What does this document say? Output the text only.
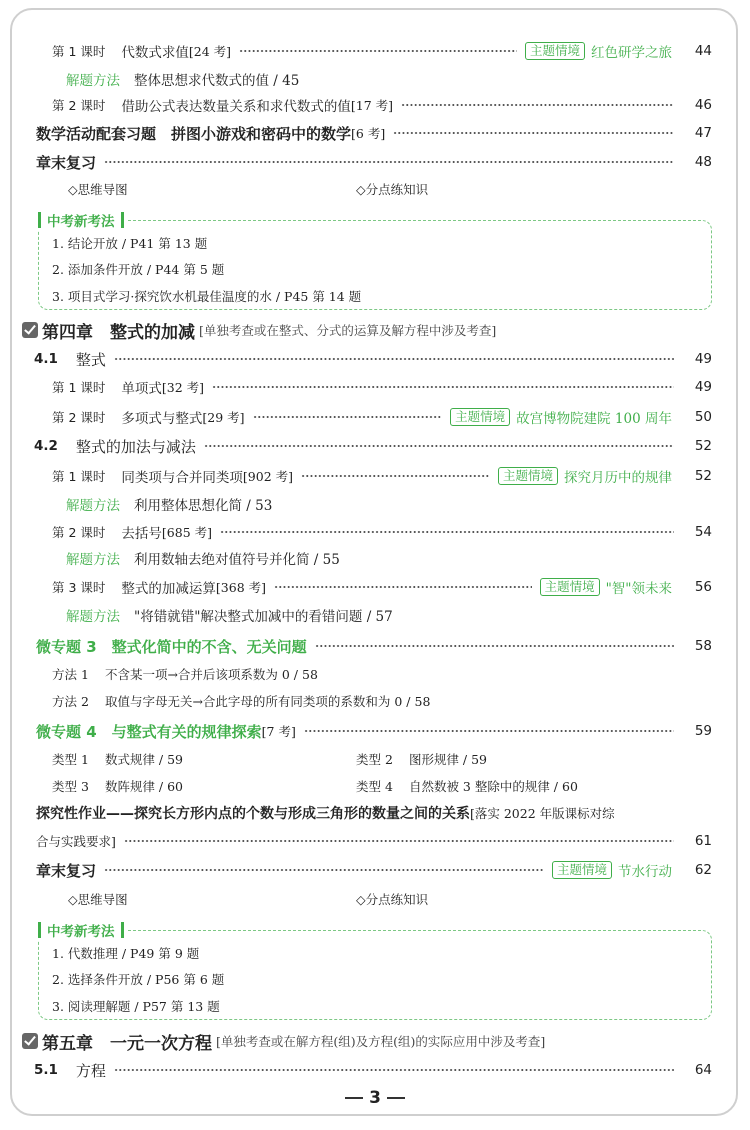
第 1 课时 代数式求值 [24 考]	主题情境 红色研学之旅	44
解题方法 整体思想求代数式的值 / 45
第 2 课时 借助公式表达数量关系和求代数式的值 [17 考]	46
数学活动配套习题　拼图小游戏和密码中的数学 [6 考]	47
章末复习	48
◇思维导图	◇分点练知识
中考新考法
1. 结论开放 / P41 第 13 题
2. 添加条件开放 / P44 第 5 题
3. 项目式学习·探究饮水机最佳温度的水 / P45 第 14 题
第四章　整式的加减 [单独考查或在整式、分式的运算及解方程中涉及考查]
4.1 整式	49
第 1 课时 单项式 [32 考]	49
第 2 课时 多项式与整式 [29 考]	主题情境 故宫博物院建院 100 周年	50
4.2 整式的加法与减法	52
第 1 课时 同类项与合并同类项 [902 考]	主题情境 探究月历中的规律	52
解题方法 利用整体思想化简 / 53
第 2 课时 去括号 [685 考]	54
解题方法 利用数轴去绝对值符号并化简 / 55
第 3 课时 整式的加减运算 [368 考]	主题情境 "智"领未来	56
解题方法 "将错就错"解决整式加减中的看错问题 / 57
微专题 3　整式化简中的不含、无关问题	58
方法 1 不含某一项→合并后该项系数为 0 / 58
方法 2 取值与字母无关→合此字母的所有同类项的系数和为 0 / 58
微专题 4　与整式有关的规律探索 [7 考]	59
类型 1 数式规律 / 59	类型 2 图形规律 / 59
类型 3 数阵规律 / 60	类型 4 自然数被 3 整除中的规律 / 60
探究性作业——探究长方形内点的个数与形成三角形的数量之间的关系 [落实 2022 年版课标对综
合与实践要求]	61
章末复习	主题情境 节水行动	62
◇思维导图	◇分点练知识
中考新考法
1. 代数推理 / P49 第 9 题
2. 选择条件开放 / P56 第 6 题
3. 阅读理解题 / P57 第 13 题
第五章　一元一次方程 [单独考查或在解方程(组)及方程(组)的实际应用中涉及考查]
5.1 方程	64
3
